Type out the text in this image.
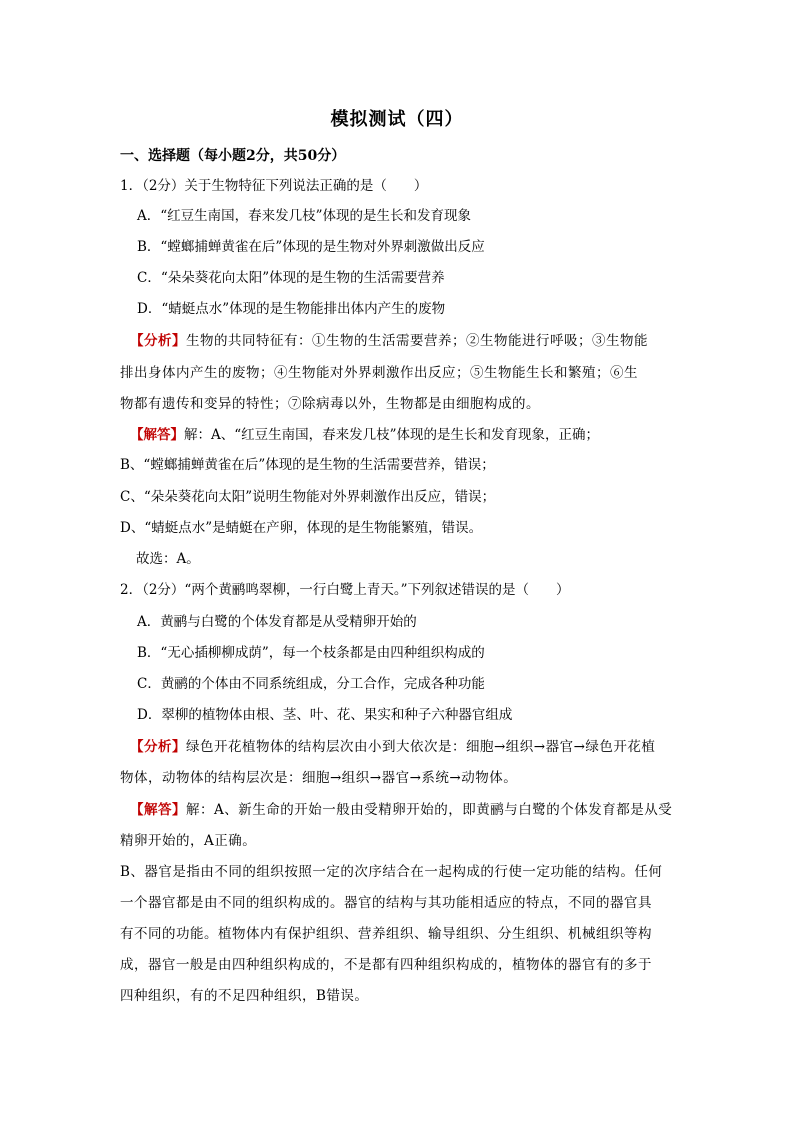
模拟测试（四）
一、选择题（每小题2分，共50分）
1．（2分）关于生物特征下列说法正确的是（　　）
A．“红豆生南国，春来发几枝”体现的是生长和发育现象
B．“螳螂捕蝉黄雀在后”体现的是生物对外界刺激做出反应
C．“朵朵葵花向太阳”体现的是生物的生活需要营养
D．“蜻蜓点水”体现的是生物能排出体内产生的废物
【分析】生物的共同特征有：①生物的生活需要营养；②生物能进行呼吸；③生物能
排出身体内产生的废物；④生物能对外界刺激作出反应；⑤生物能生长和繁殖；⑥生
物都有遗传和变异的特性；⑦除病毒以外，生物都是由细胞构成的。
【解答】解：A、“红豆生南国，春来发几枝”体现的是生长和发育现象，正确；
B、“螳螂捕蝉黄雀在后”体现的是生物的生活需要营养，错误；
C、“朵朵葵花向太阳”说明生物能对外界刺激作出反应，错误；
D、“蜻蜓点水”是蜻蜓在产卵，体现的是生物能繁殖，错误。
故选：A。
2．（2分）“两个黄鹂鸣翠柳，一行白鹭上青天。”下列叙述错误的是（　　）
A．黄鹂与白鹭的个体发育都是从受精卵开始的
B．“无心插柳柳成荫”，每一个枝条都是由四种组织构成的
C．黄鹂的个体由不同系统组成，分工合作，完成各种功能
D．翠柳的植物体由根、茎、叶、花、果实和种子六种器官组成
【分析】绿色开花植物体的结构层次由小到大依次是：细胞→组织→器官→绿色开花植
物体，动物体的结构层次是：细胞→组织→器官→系统→动物体。
【解答】解：A、新生命的开始一般由受精卵开始的，即黄鹂与白鹭的个体发育都是从受
精卵开始的，A正确。
B、器官是指由不同的组织按照一定的次序结合在一起构成的行使一定功能的结构。任何
一个器官都是由不同的组织构成的。器官的结构与其功能相适应的特点，不同的器官具
有不同的功能。植物体内有保护组织、营养组织、输导组织、分生组织、机械组织等构
成，器官一般是由四种组织构成的，不是都有四种组织构成的，植物体的器官有的多于
四种组织，有的不足四种组织，B错误。
